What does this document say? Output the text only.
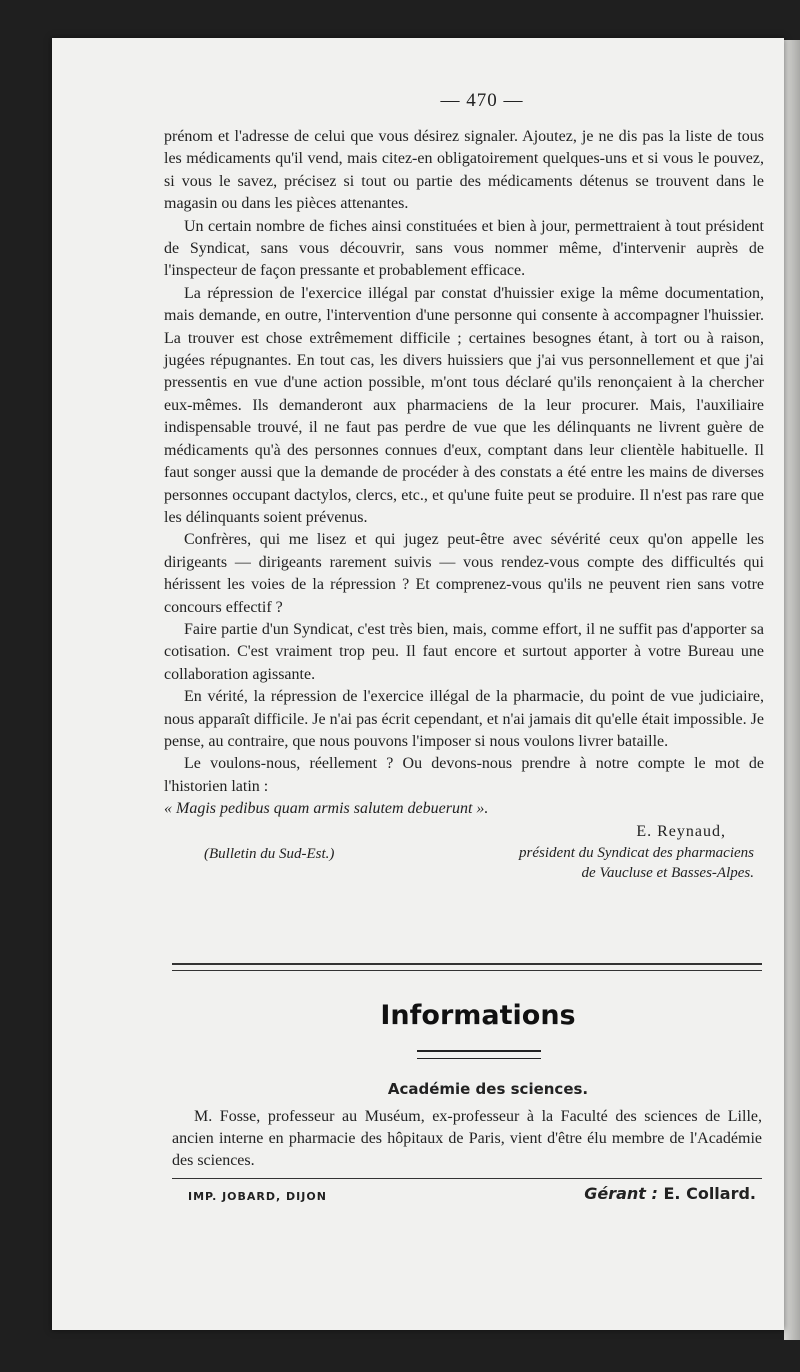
— 470 —

prénom et l'adresse de celui que vous désirez signaler. Ajoutez, je ne dis pas la liste de tous les médicaments qu'il vend, mais citez-en obligatoirement quelques-uns et si vous le pouvez, si vous le savez, précisez si tout ou partie des médicaments détenus se trouvent dans le magasin ou dans les pièces attenantes.

Un certain nombre de fiches ainsi constituées et bien à jour, permettraient à tout président de Syndicat, sans vous découvrir, sans vous nommer même, d'intervenir auprès de l'inspecteur de façon pressante et probablement efficace.

La répression de l'exercice illégal par constat d'huissier exige la même documentation, mais demande, en outre, l'intervention d'une personne qui consente à accompagner l'huissier. La trouver est chose extrêmement difficile ; certaines besognes étant, à tort ou à raison, jugées répugnantes. En tout cas, les divers huissiers que j'ai vus personnellement et que j'ai pressentis en vue d'une action possible, m'ont tous déclaré qu'ils renonçaient à la chercher eux-mêmes. Ils demanderont aux pharmaciens de la leur procurer. Mais, l'auxiliaire indispensable trouvé, il ne faut pas perdre de vue que les délinquants ne livrent guère de médicaments qu'à des personnes connues d'eux, comptant dans leur clientèle habituelle. Il faut songer aussi que la demande de procéder à des constats a été entre les mains de diverses personnes occupant dactylos, clercs, etc., et qu'une fuite peut se produire. Il n'est pas rare que les délinquants soient prévenus.

Confrères, qui me lisez et qui jugez peut-être avec sévérité ceux qu'on appelle les dirigeants — dirigeants rarement suivis — vous rendez-vous compte des difficultés qui hérissent les voies de la répression ? Et comprenez-vous qu'ils ne peuvent rien sans votre concours effectif ?

Faire partie d'un Syndicat, c'est très bien, mais, comme effort, il ne suffit pas d'apporter sa cotisation. C'est vraiment trop peu. Il faut encore et surtout apporter à votre Bureau une collaboration agissante.

En vérité, la répression de l'exercice illégal de la pharmacie, du point de vue judiciaire, nous apparaît difficile. Je n'ai pas écrit cependant, et n'ai jamais dit qu'elle était impossible. Je pense, au contraire, que nous pouvons l'imposer si nous voulons livrer bataille.

Le voulons-nous, réellement ? Ou devons-nous prendre à notre compte le mot de l'historien latin :

« Magis pedibus quam armis salutem debuerunt ».

E. Reynaud,
(Bulletin du Sud-Est.)	président du Syndicat des pharmaciens
de Vaucluse et Basses-Alpes.
Informations
Académie des sciences.

M. Fosse, professeur au Muséum, ex-professeur à la Faculté des sciences de Lille, ancien interne en pharmacie des hôpitaux de Paris, vient d'être élu membre de l'Académie des sciences.

IMP. JOBARD, DIJON	Gérant : E. Collard.
